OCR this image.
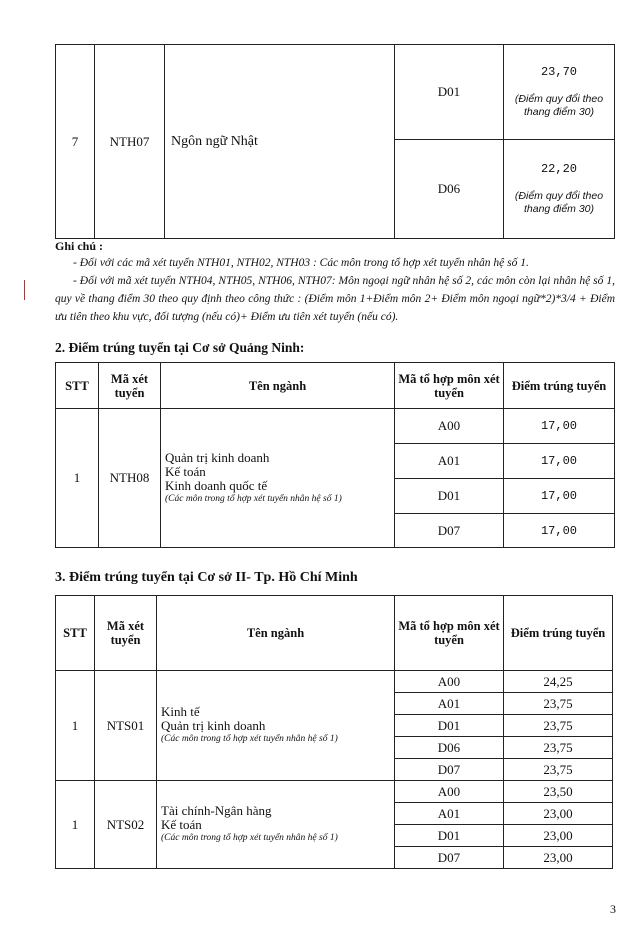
7	NTH07	Ngôn ngữ Nhật	D01	23,70
(Điểm quy đổi theo thang điểm 30)

			D06	22,20
(Điểm quy đổi theo thang điểm 30)
Ghi chú :

- Đối với các mã xét tuyển NTH01, NTH02, NTH03 : Các môn trong tổ hợp xét tuyển nhân hệ số 1.

- Đối với mã xét tuyển NTH04, NTH05, NTH06, NTH07: Môn ngoại ngữ nhân hệ số 2, các môn còn lại nhân hệ số 1, quy về thang điểm 30 theo quy định theo công thức : (Điểm môn 1+Điểm môn 2+ Điểm môn ngoại ngữ*2)*3/4 + Điểm ưu tiên theo khu vực, đối tượng (nếu có)+ Điểm ưu tiên xét tuyển (nếu có).

2. Điểm trúng tuyển tại Cơ sở Quảng Ninh:
STT	Mã xét tuyển	Tên ngành	Mã tổ hợp môn xét tuyển	Điểm trúng tuyển
1	NTH08	Quản trị kinh doanh
Kế toán
Kinh doanh quốc tế
(Các môn trong tổ hợp xét tuyển nhân hệ số 1)	A00	17,00
			A01	17,00
			D01	17,00
			D07	17,00
3. Điểm trúng tuyển tại Cơ sở II- Tp. Hồ Chí Minh
STT	Mã xét tuyển	Tên ngành	Mã tổ hợp môn xét tuyển	Điểm trúng tuyển
1	NTS01	Kinh tế
Quản trị kinh doanh
(Các môn trong tổ hợp xét tuyển nhân hệ số 1)	A00	24,25
			A01	23,75
			D01	23,75
			D06	23,75
			D07	23,75
1	NTS02	Tài chính-Ngân hàng
Kế toán
(Các môn trong tổ hợp xét tuyển nhân hệ số 1)	A00	23,50
			A01	23,00
			D01	23,00
			D07	23,00
3
